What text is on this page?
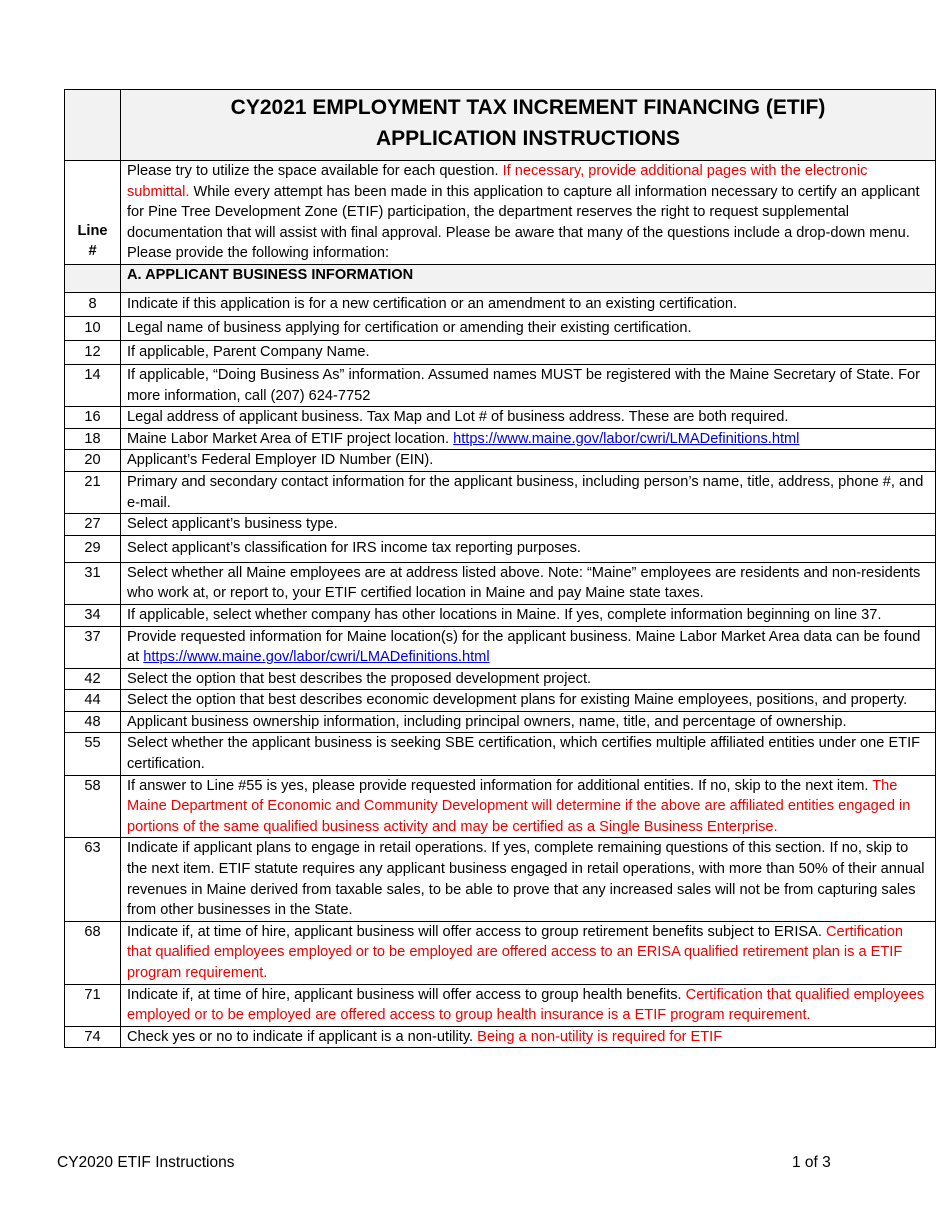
	CY2021 EMPLOYMENT TAX INCREMENT FINANCING (ETIF)
APPLICATION INSTRUCTIONS

Line
#	Please try to utilize the space available for each question. If necessary, provide additional pages with the electronic submittal. While every attempt has been made in this application to capture all information necessary to certify an applicant for Pine Tree Development Zone (ETIF) participation, the department reserves the right to request supplemental documentation that will assist with final approval. Please be aware that many of the questions include a drop-down menu. Please provide the following information:
	A. APPLICANT BUSINESS INFORMATION
8	Indicate if this application is for a new certification or an amendment to an existing certification.
10	Legal name of business applying for certification or amending their existing certification.
12	If applicable, Parent Company Name.
14	If applicable, “Doing Business As” information. Assumed names MUST be registered with the Maine Secretary of State. For more information, call (207) 624-7752
16	Legal address of applicant business. Tax Map and Lot # of business address. These are both required.
18	Maine Labor Market Area of ETIF project location. https://www.maine.gov/labor/cwri/LMADefinitions.html
20	Applicant’s Federal Employer ID Number (EIN).
21	Primary and secondary contact information for the applicant business, including person’s name, title, address, phone #, and e-mail.
27	Select applicant’s business type.
29	Select applicant’s classification for IRS income tax reporting purposes.
31	Select whether all Maine employees are at address listed above. Note: “Maine” employees are residents and non-residents who work at, or report to, your ETIF certified location in Maine and pay Maine state taxes.
34	If applicable, select whether company has other locations in Maine. If yes, complete information beginning on line 37.
37	Provide requested information for Maine location(s) for the applicant business. Maine Labor Market Area data can be found at https://www.maine.gov/labor/cwri/LMADefinitions.html
42	Select the option that best describes the proposed development project.
44	Select the option that best describes economic development plans for existing Maine employees, positions, and property.
48	Applicant business ownership information, including principal owners, name, title, and percentage of ownership.
55	Select whether the applicant business is seeking SBE certification, which certifies multiple affiliated entities under one ETIF certification.
58	If answer to Line #55 is yes, please provide requested information for additional entities. If no, skip to the next item. The Maine Department of Economic and Community Development will determine if the above are affiliated entities engaged in portions of the same qualified business activity and may be certified as a Single Business Enterprise.
63	Indicate if applicant plans to engage in retail operations. If yes, complete remaining questions of this section. If no, skip to the next item. ETIF statute requires any applicant business engaged in retail operations, with more than 50% of their annual revenues in Maine derived from taxable sales, to be able to prove that any increased sales will not be from capturing sales from other businesses in the State.
68	Indicate if, at time of hire, applicant business will offer access to group retirement benefits subject to ERISA. Certification that qualified employees employed or to be employed are offered access to an ERISA qualified retirement plan is a ETIF program requirement.
71	Indicate if, at time of hire, applicant business will offer access to group health benefits. Certification that qualified employees employed or to be employed are offered access to group health insurance is a ETIF program requirement.
74	Check yes or no to indicate if applicant is a non-utility. Being a non-utility is required for ETIF
CY2020 ETIF Instructions	1 of 3
